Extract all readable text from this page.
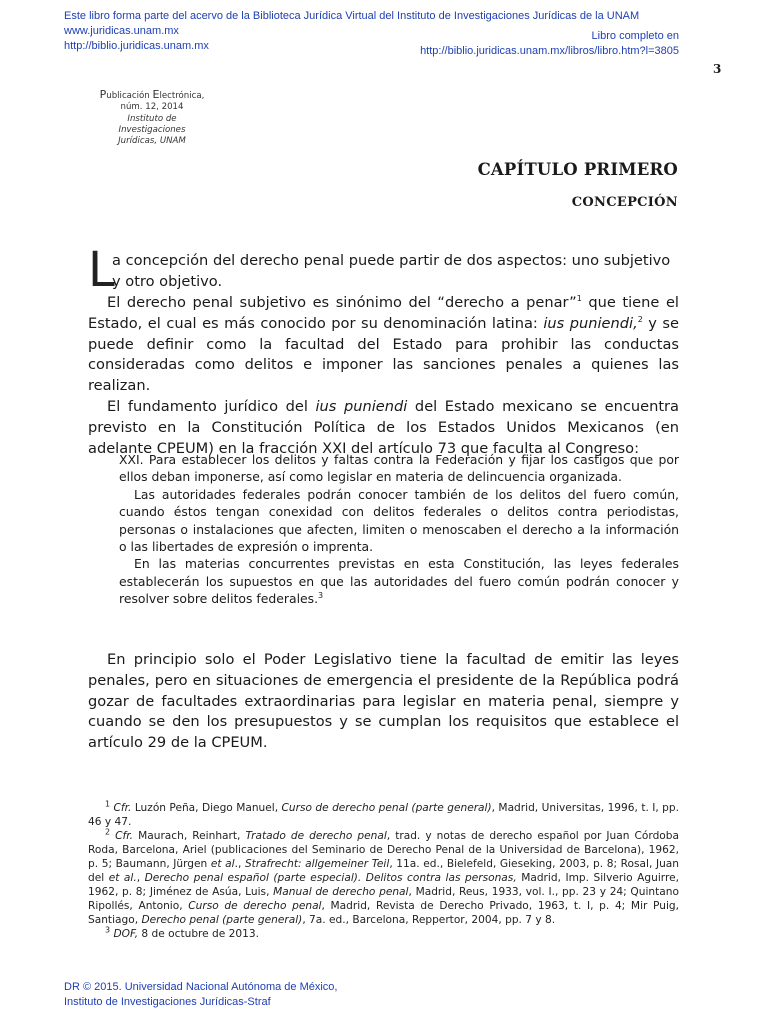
Este libro forma parte del acervo de la Biblioteca Jurídica Virtual del Instituto de Investigaciones Jurídicas de la UNAM
www.juridicas.unam.mx
http://biblio.juridicas.unam.mx
Libro completo en
http://biblio.juridicas.unam.mx/libros/libro.htm?l=3805
3
Publicación Electrónica,
núm. 12, 2014
Instituto de Investigaciones
Jurídicas, UNAM
CAPÍTULO PRIMERO
CONCEPCIÓN
L
a concepción del derecho penal puede partir de dos aspectos: uno subjetivo
y otro objetivo.

El derecho penal subjetivo es sinónimo del “derecho a penar”$^1$ que tiene el Estado, el cual es más conocido por su denominación latina: ius puniendi,$^2$ y se puede definir como la facultad del Estado para prohibir las conductas consideradas como delitos e imponer las sanciones penales a quienes las realizan.

El fundamento jurídico del ius puniendi del Estado mexicano se encuentra previsto en la Constitución Política de los Estados Unidos Mexicanos (en adelante CPEUM) en la fracción XXI del artículo 73 que faculta al Congreso:

XXI. Para establecer los delitos y faltas contra la Federación y fijar los castigos que por ellos deban imponerse, así como legislar en materia de delincuencia organizada.

Las autoridades federales podrán conocer también de los delitos del fuero común, cuando éstos tengan conexidad con delitos federales o delitos contra periodistas, personas o instalaciones que afecten, limiten o menoscaben el derecho a la información o las libertades de expresión o imprenta.

En las materias concurrentes previstas en esta Constitución, las leyes federales establecerán los supuestos en que las autoridades del fuero común podrán conocer y resolver sobre delitos federales.$^3$

En principio solo el Poder Legislativo tiene la facultad de emitir las leyes penales, pero en situaciones de emergencia el presidente de la República podrá gozar de facultades extraordinarias para legislar en materia penal, siempre y cuando se den los presupuestos y se cumplan los requisitos que establece el artículo 29 de la CPEUM.

$^1$ Cfr. Luzón Peña, Diego Manuel, Curso de derecho penal (parte general), Madrid, Universitas, 1996, t. I, pp. 46 y 47.

$^2$ Cfr. Maurach, Reinhart, Tratado de derecho penal, trad. y notas de derecho español por Juan Córdoba Roda, Barcelona, Ariel (publicaciones del Seminario de Derecho Penal de la Universidad de Barcelona), 1962, p. 5; Baumann, Jürgen et al., Strafrecht: allgemeiner Teil, 11a. ed., Bielefeld, Gieseking, 2003, p. 8; Rosal, Juan del et al., Derecho penal español (parte especial). Delitos contra las personas, Madrid, Imp. Silverio Aguirre, 1962, p. 8; Jiménez de Asúa, Luis, Manual de derecho penal, Madrid, Reus, 1933, vol. I., pp. 23 y 24; Quintano Ripollés, Antonio, Curso de derecho penal, Madrid, Revista de Derecho Privado, 1963, t. I, p. 4; Mir Puig, Santiago, Derecho penal (parte general), 7a. ed., Barcelona, Reppertor, 2004, pp. 7 y 8.

$^3$ DOF, 8 de octubre de 2013.

DR © 2015. Universidad Nacional Autónoma de México,
Instituto de Investigaciones Jurídicas-Straf
